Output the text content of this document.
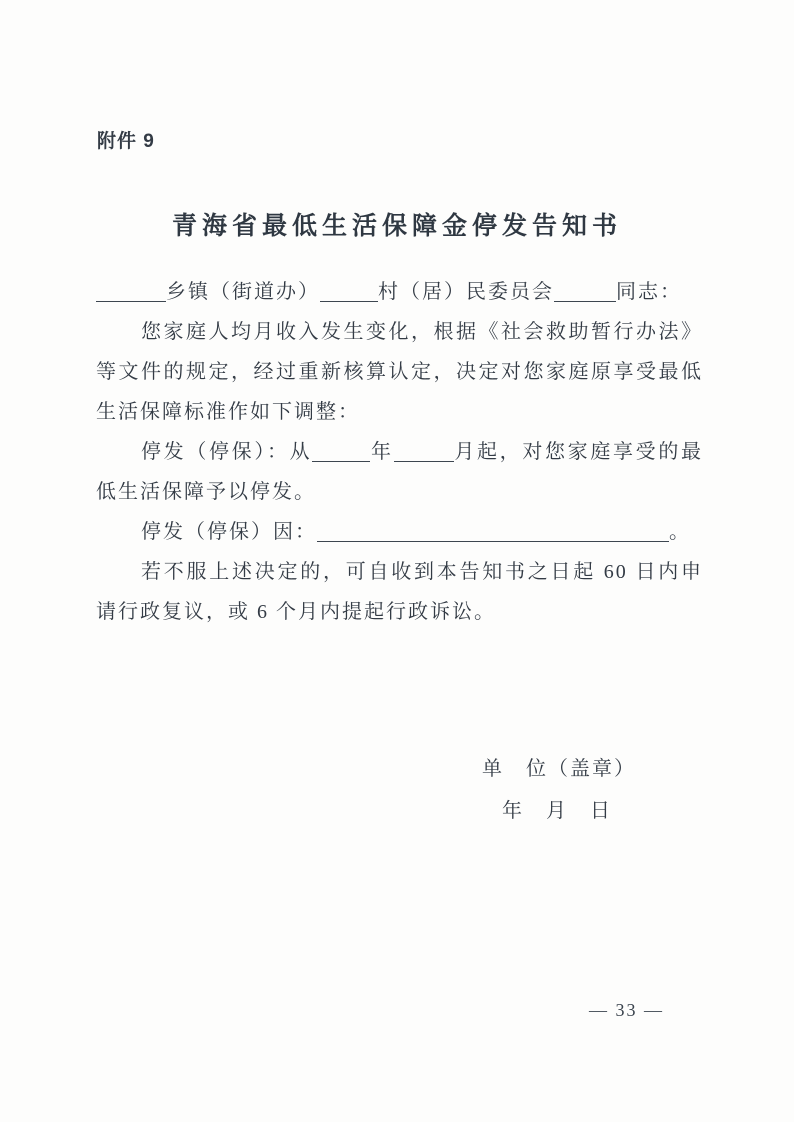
附件 9
青海省最低生活保障金停发告知书

乡镇（街道办）	村（居）民委员会	同志：

您家庭人均月收入发生变化，根据《社会救助暂行办法》等文件的规定，经过重新核算认定，决定对您家庭原享受最低生活保障标准作如下调整：

停发（停保）：从	年	月起，对您家庭享受的最低生活保障予以停发。

停发（停保）因：	。

若不服上述决定的，可自收到本告知书之日起 60 日内申请行政复议，或 6 个月内提起行政诉讼。

单　位（盖章）
年　月　日
— 33 —
